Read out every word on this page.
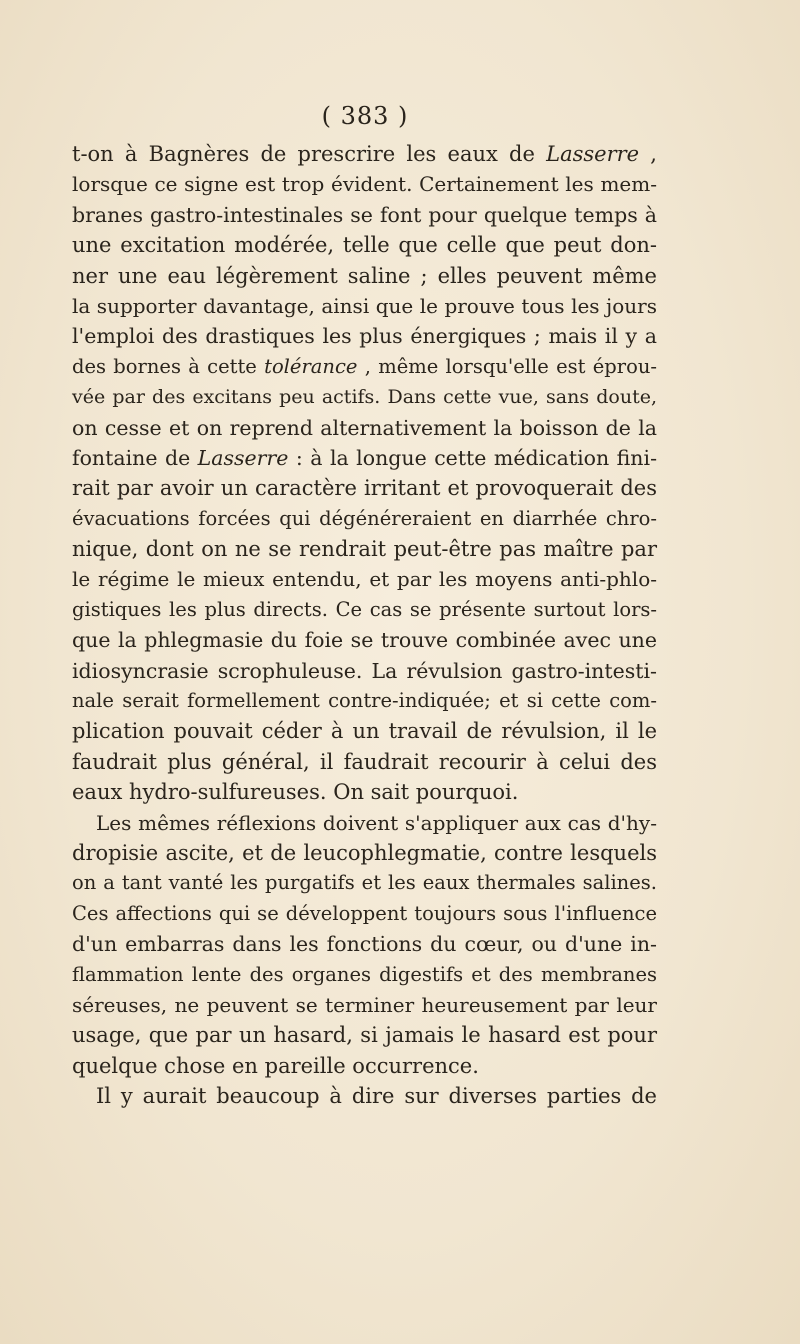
( 383 )
t-on à Bagnères de prescrire les eaux de Lasserre ,
lorsque ce signe est trop évident. Certainement les mem-
branes gastro-intestinales se font pour quelque temps à
une excitation modérée, telle que celle que peut don-
ner une eau légèrement saline ; elles peuvent même
la supporter davantage, ainsi que le prouve tous les jours
l'emploi des drastiques les plus énergiques ; mais il y a
des bornes à cette tolérance , même lorsqu'elle est éprou-
vée par des excitans peu actifs. Dans cette vue, sans doute,
on cesse et on reprend alternativement la boisson de la
fontaine de Lasserre : à la longue cette médication fini-
rait par avoir un caractère irritant et provoquerait des
évacuations forcées qui dégénéreraient en diarrhée chro-
nique, dont on ne se rendrait peut-être pas maître par
le régime le mieux entendu, et par les moyens anti-phlo-
gistiques les plus directs. Ce cas se présente surtout lors-
que la phlegmasie du foie se trouve combinée avec une
idiosyncrasie scrophuleuse. La révulsion gastro-intesti-
nale serait formellement contre-indiquée; et si cette com-
plication pouvait céder à un travail de révulsion, il le
faudrait plus général, il faudrait recourir à celui des
eaux hydro-sulfureuses. On sait pourquoi.
Les mêmes réflexions doivent s'appliquer aux cas d'hy-
dropisie ascite, et de leucophlegmatie, contre lesquels
on a tant vanté les purgatifs et les eaux thermales salines.
Ces affections qui se développent toujours sous l'influence
d'un embarras dans les fonctions du cœur, ou d'une in-
flammation lente des organes digestifs et des membranes
séreuses, ne peuvent se terminer heureusement par leur
usage, que par un hasard, si jamais le hasard est pour
quelque chose en pareille occurrence.
Il y aurait beaucoup à dire sur diverses parties de
